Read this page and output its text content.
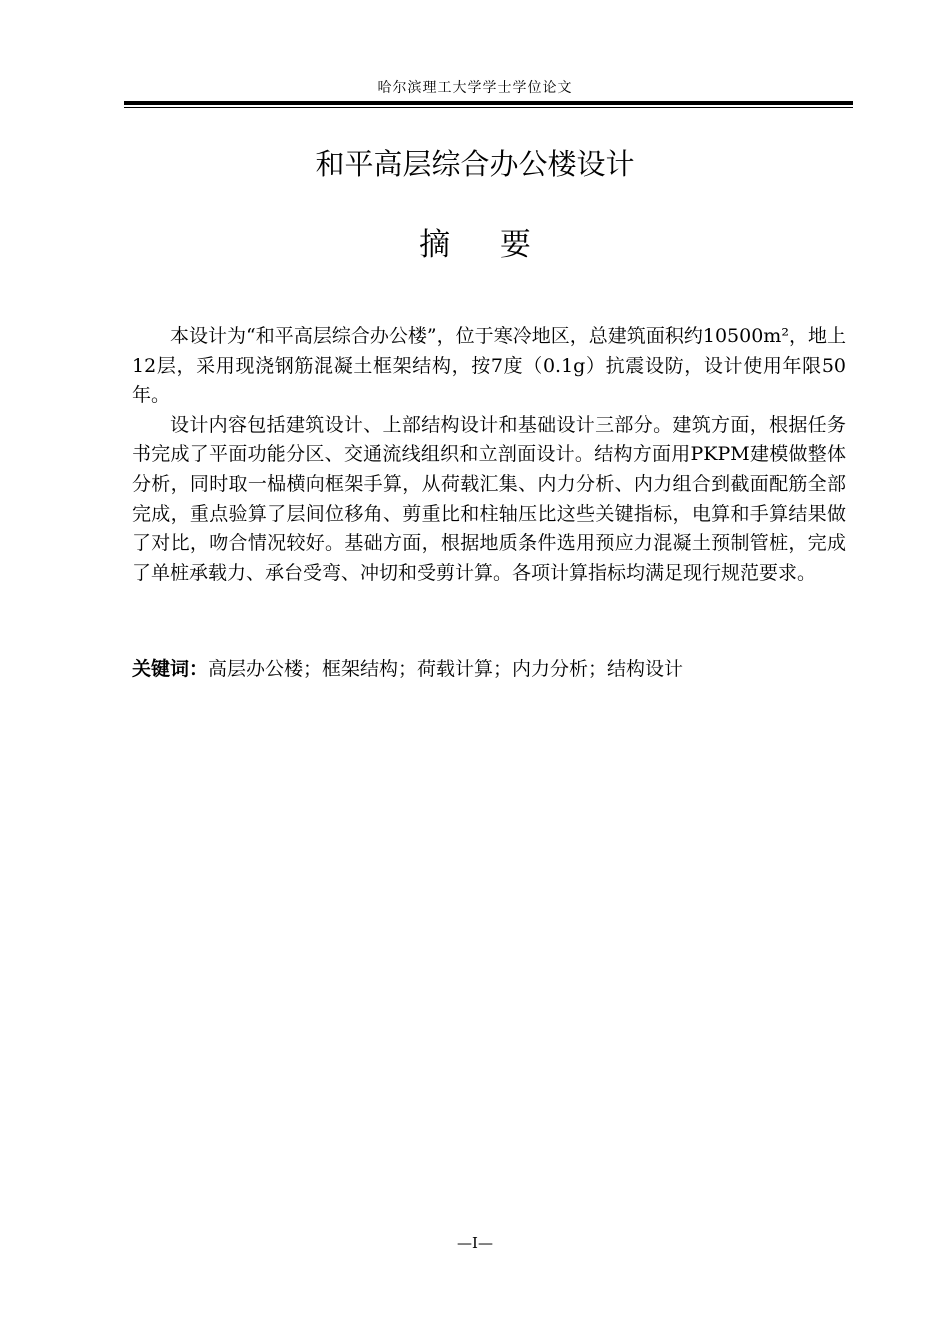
哈尔滨理工大学学士学位论文
和平高层综合办公楼设计
摘 要

本设计为“和平高层综合办公楼”，位于寒冷地区，总建筑面积约10500m²，地上12层，采用现浇钢筋混凝土框架结构，按7度（0.1g）抗震设防，设计使用年限50年。

设计内容包括建筑设计、上部结构设计和基础设计三部分。建筑方面，根据任务书完成了平面功能分区、交通流线组织和立剖面设计。结构方面用PKPM建模做整体分析，同时取一榀横向框架手算，从荷载汇集、内力分析、内力组合到截面配筋全部完成，重点验算了层间位移角、剪重比和柱轴压比这些关键指标，电算和手算结果做了对比，吻合情况较好。基础方面，根据地质条件选用预应力混凝土预制管桩，完成了单桩承载力、承台受弯、冲切和受剪计算。各项计算指标均满足现行规范要求。

关键词：高层办公楼；框架结构；荷载计算；内力分析；结构设计
—I—
